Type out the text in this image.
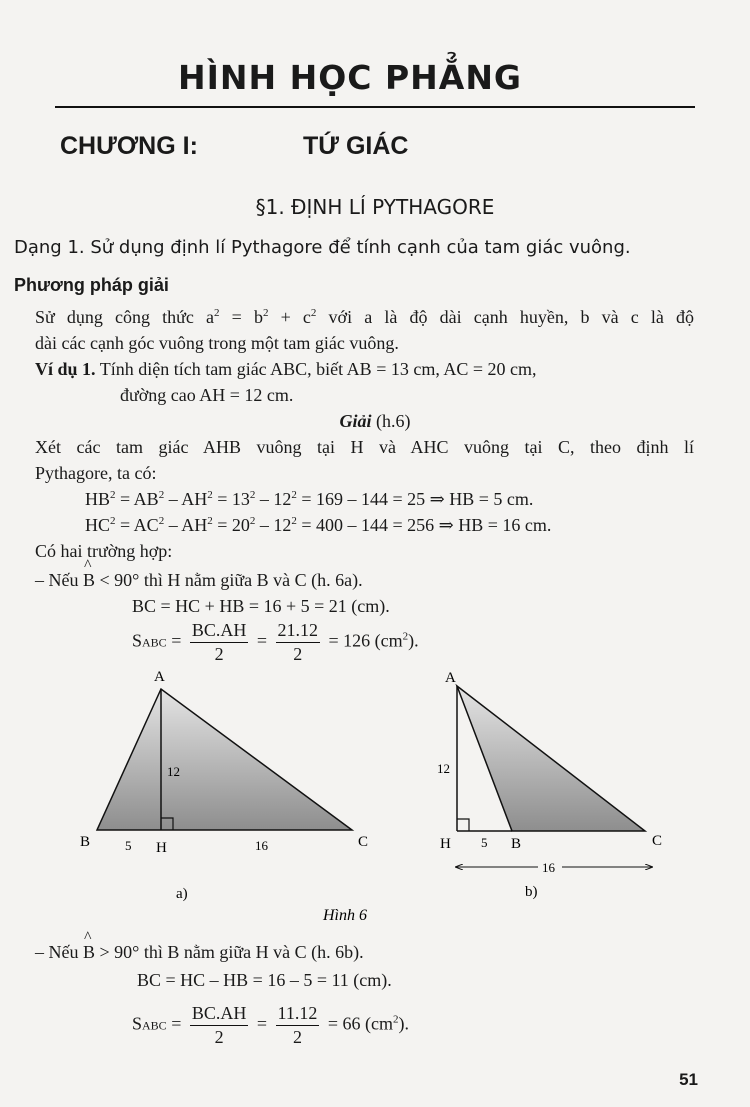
HÌNH HỌC PHẲNG
CHƯƠNG I:	TỨ GIÁC
§1. ĐỊNH LÍ PYTHAGORE
Dạng 1. Sử dụng định lí Pythagore để tính cạnh của tam giác vuông.
Phương pháp giải
Sử dụng công thức $a^2 = b^2 + c^2$ với a là độ dài cạnh huyền, b và c là độ
dài các cạnh góc vuông trong một tam giác vuông.
Ví dụ 1. Tính diện tích tam giác ABC, biết AB = 13 cm, AC = 20 cm,
đường cao AH = 12 cm.
Giải (h.6)
Xét các tam giác AHB vuông tại H và AHC vuông tại C, theo định lí
Pythagore, ta có:
$HB^2 = AB^2 - AH^2 = 13^2 - 12^2 = 169 - 144 = 25$ ⇒ HB = 5 cm.
$HC^2 = AC^2 - AH^2 = 20^2 - 12^2 = 400 - 144 = 256$ ⇒ HB = 16 cm.
Có hai trường hợp:
– Nếu ^ B < 90° thì H nằm giữa B và C (h. 6a).
BC = HC + HB = 16 + 5 = 21 (cm).
SABC = $\frac{BC.AH}{2} = \frac{21.12}{2} = 126$ $(cm^2)$.
A
B	C
H
12
5	16
a)
A
H	B	C
12
5
16
b)
Hình 6
– Nếu ^ B > 90° thì B nằm giữa H và C (h. 6b).
BC = HC – HB = 16 – 5 = 11 (cm).
SABC = $\frac{BC.AH}{2} = \frac{11.12}{2} = 66$ $(cm^2)$.
51
